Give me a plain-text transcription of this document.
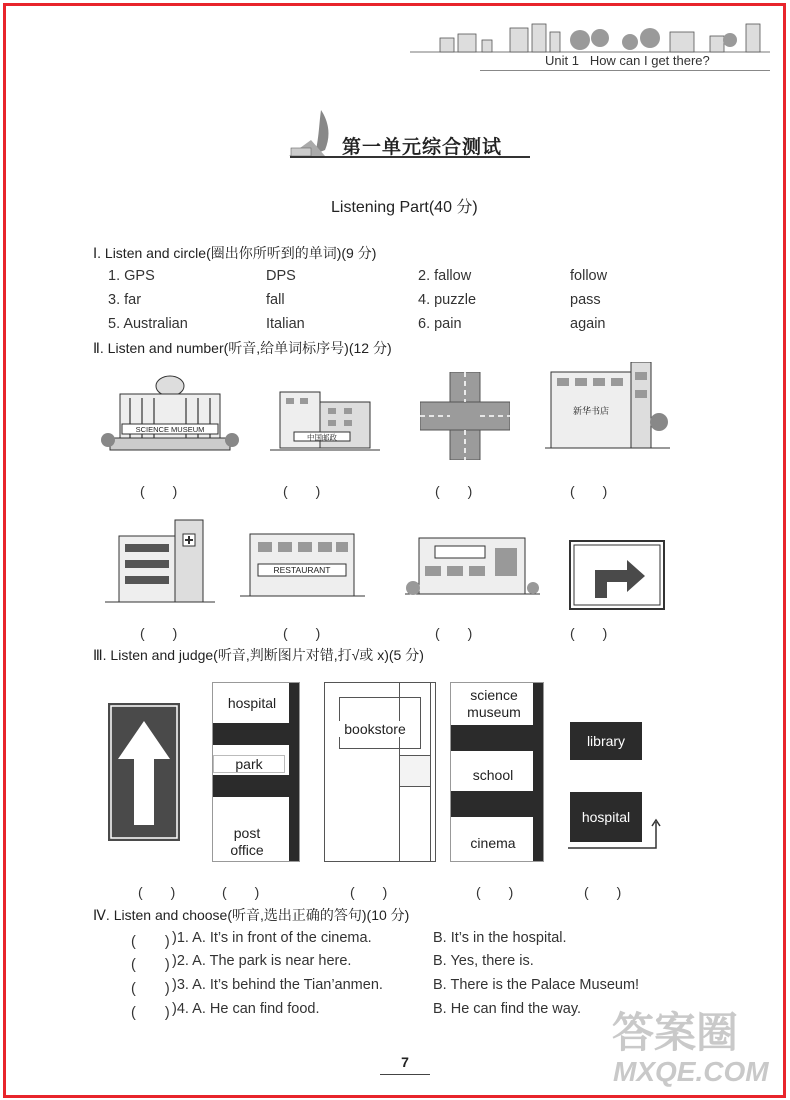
Unit 1 How can I get there?
第一单元综合测试
Listening Part(40 分)
Ⅰ. Listen and circle(圈出你所听到的单词)(9 分)
1. GPS	DPS	2. fallow	follow
3. far	fall	4. puzzle	pass
5. Australian	Italian	6. pain	again
Ⅱ. Listen and number(听音,给单词标序号)(12 分)
SCIENCE MUSEUM
中国邮政
新华书店
(　　)	(　　)	(　　)	(　　)
RESTAURANT
(　　)	(　　)	(　　)	(　　)
Ⅲ. Listen and judge(听音,判断图片对错,打√或 x)(5 分)
hospital
park
post
office
bookstore
science
museum
school
cinema
library
hospital
(　　)	(　　)	(　　)	(　　)	(　　)
Ⅳ. Listen and choose(听音,选出正确的答句)(10 分)
(　　) )1. A. It’s in front of the cinema.	B. It’s in the hospital.
(　　) )2. A. The park is near here.	B. Yes, there is.
(　　) )3. A. It’s behind the Tian’anmen.	B. There is the Palace Museum!
(　　) )4. A. He can find food.	B. He can find the way.
7
答案圈
MXQE.COM
